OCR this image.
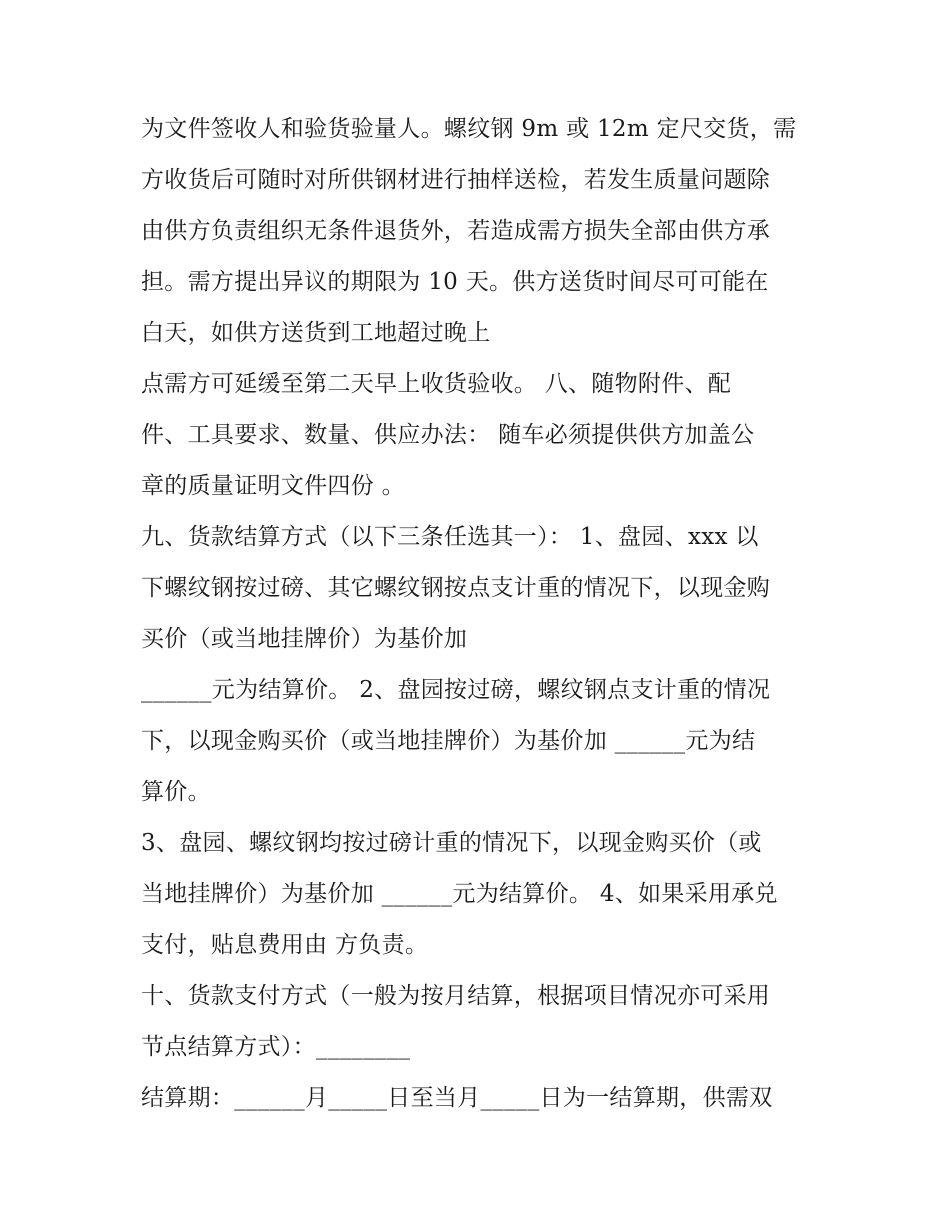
为文件签收人和验货验量人。螺纹钢 9m 或 12m 定尺交货，需
方收货后可随时对所供钢材进行抽样送检，若发生质量问题除
由供方负责组织无条件退货外，若造成需方损失全部由供方承
担。需方提出异议的期限为 10 天。供方送货时间尽可可能在
白天，如供方送货到工地超过晚上
点需方可延缓至第二天早上收货验收。 八、随物附件、配
件、工具要求、数量、供应办法： 随车必须提供供方加盖公
章的质量证明文件四份 。
九、货款结算方式（以下三条任选其一）： 1、盘园、xxx 以
下螺纹钢按过磅、其它螺纹钢按点支计重的情况下，以现金购
买价（或当地挂牌价）为基价加
______元为结算价。 2、盘园按过磅，螺纹钢点支计重的情况
下，以现金购买价（或当地挂牌价）为基价加 ______元为结
算价。
3、盘园、螺纹钢均按过磅计重的情况下，以现金购买价（或
当地挂牌价）为基价加 ______元为结算价。 4、如果采用承兑
支付，贴息费用由 方负责。
十、货款支付方式（一般为按月结算，根据项目情况亦可采用
节点结算方式）：________
结算期：______月_____日至当月_____日为一结算期，供需双
